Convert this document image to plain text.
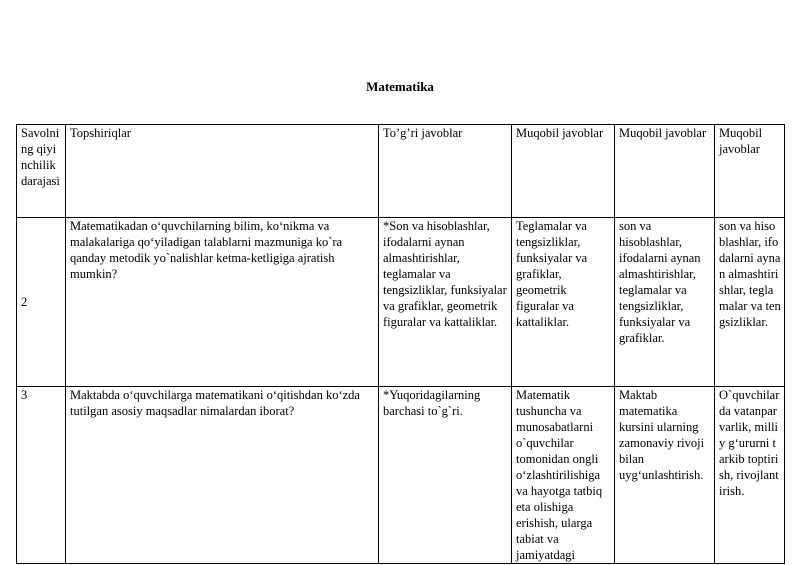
Matematika
Savolning qiyinchilik darajasi	Topshiriqlar	To’g’ri javoblar	Muqobil javoblar	Muqobil javoblar	Muqobil javoblar
2	Matematikadan o‘quvchilarning bilim, ko‘nikma va malakalariga qo‘yiladigan talablarni mazmuniga ko`ra qanday metodik yo`nalishlar ketma-ketligiga ajratish mumkin?	*Son va hisoblashlar, ifodalarni aynan almashtirishlar, teglamalar va tengsizliklar, funksiyalar va grafiklar, geometrik figuralar va kattaliklar.	Teglamalar va tengsizliklar, funksiyalar va grafiklar, geometrik figuralar va kattaliklar.	son va hisoblashlar, ifodalarni aynan almashtirishlar, teglamalar va tengsizliklar, funksiyalar va grafiklar.	son va hisoblashlar, ifodalarni aynan almashtirishlar, teglamalar va tengsizliklar.
3	Maktabda o‘quvchilarga matematikani o‘qitishdan ko‘zda tutilgan asosiy maqsadlar nimalardan iborat?	*Yuqoridagilarning barchasi to`g`ri.	Matematik tushuncha va munosabatlarni o`quvchilar tomonidan ongli o‘zlashtirilishiga va hayotga tatbiq eta olishiga erishish, ularga tabiat va jamiyatdagi	Maktab matematika kursini ularning zamonaviy rivoji bilan uyg‘unlashtirish.	O`quvchilarda vatanparvarlik, milliy g‘ururni tarkib toptirish, rivojlantirish.
